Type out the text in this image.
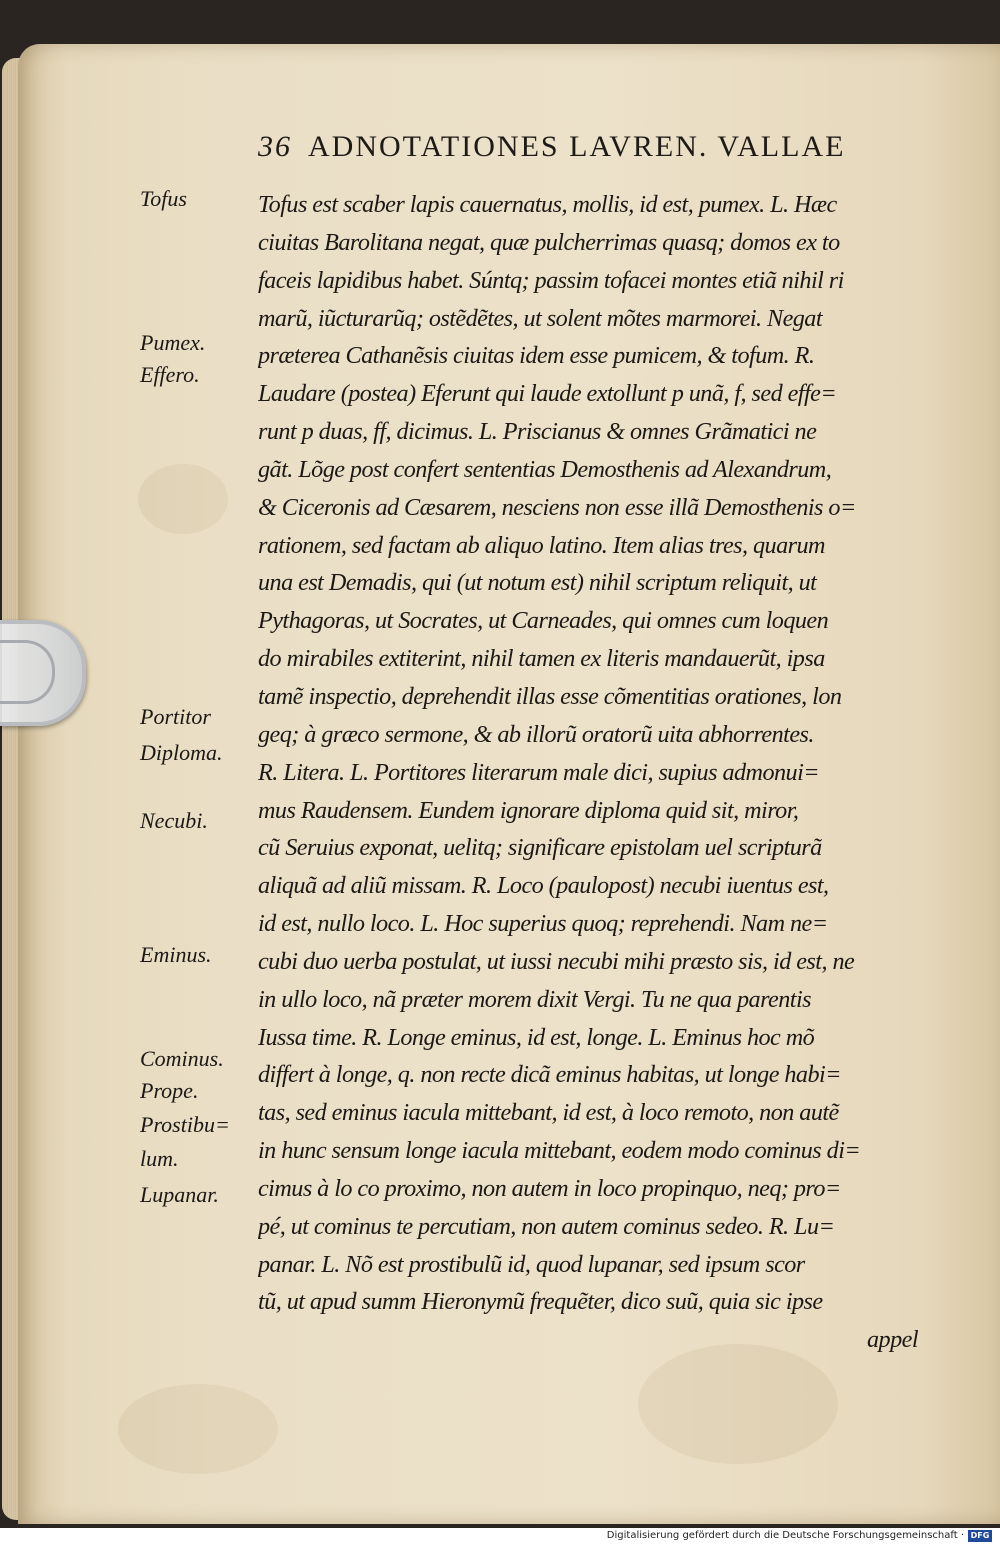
36 ADNOTATIONES LAVREN. VALLAE
Tofus
Pumex.
Effero.
Portitor
Diploma.
Necubi.
Eminus.
Cominus.
Prope.
Prostibu=
lum.
Lupanar.
Tofus est scaber lapis cauernatus, mollis, id est, pumex. L. Hæc
ciuitas Barolitana negat, quæ pulcherrimas quasq; domos ex to
faceis lapidibus habet. Súntq; passim tofacei montes etiã nihil ri
marũ, iũcturarũq; ostẽdẽtes, ut solent mõtes marmorei. Negat
præterea Cathanẽsis ciuitas idem esse pumicem, & tofum. R.
Laudare (postea) Eferunt qui laude extollunt p unã, f, sed effe=
runt p duas, ff, dicimus. L. Priscianus & omnes Grãmatici ne
gãt. Lõge post confert sententias Demosthenis ad Alexandrum,
& Ciceronis ad Cæsarem, nesciens non esse illã Demosthenis o=
rationem, sed factam ab aliquo latino. Item alias tres, quarum
una est Demadis, qui (ut notum est) nihil scriptum reliquit, ut
Pythagoras, ut Socrates, ut Carneades, qui omnes cum loquen
do mirabiles extiterint, nihil tamen ex literis mandauerũt, ipsa
tamẽ inspectio, deprehendit illas esse cõmentitias orationes, lon
geq; à græco sermone, & ab illorũ oratorũ uita abhorrentes.
R. Litera. L. Portitores literarum male dici, supius admonui=
mus Raudensem. Eundem ignorare diploma quid sit, miror,
cũ Seruius exponat, uelitq; significare epistolam uel scripturã
aliquã ad aliũ missam. R. Loco (paulopost) necubi iuentus est,
id est, nullo loco. L. Hoc superius quoq; reprehendi. Nam ne=
cubi duo uerba postulat, ut iussi necubi mihi præsto sis, id est, ne
in ullo loco, nã præter morem dixit Vergi. Tu ne qua parentis
Iussa time. R. Longe eminus, id est, longe. L. Eminus hoc mõ
differt à longe, q. non recte dicã eminus habitas, ut longe habi=
tas, sed eminus iacula mittebant, id est, à loco remoto, non autẽ
in hunc sensum longe iacula mittebant, eodem modo cominus di=
cimus à lo co proximo, non autem in loco propinquo, neq; pro=
pé, ut cominus te percutiam, non autem cominus sedeo. R. Lu=
panar. L. Nõ est prostibulũ id, quod lupanar, sed ipsum scor
tũ, ut apud summ Hieronymũ frequẽter, dico suũ, quia sic ipse
appel
Digitalisierung gefördert durch die Deutsche Forschungsgemeinschaft · DFG
